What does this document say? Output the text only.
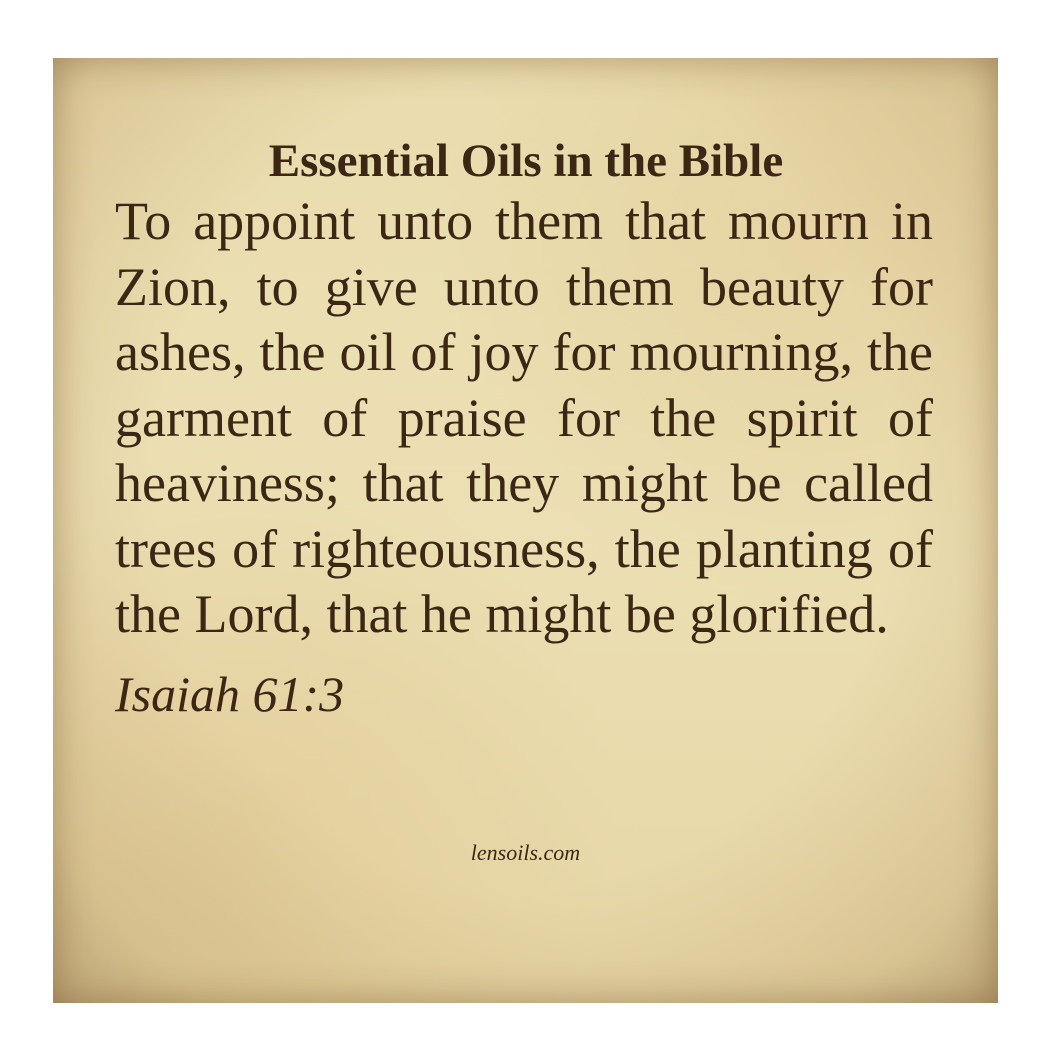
Essential Oils in the Bible

To appoint unto them that mourn in Zion, to give unto them beauty for ashes, the oil of joy for mourning, the garment of praise for the spirit of heaviness; that they might be called trees of righteousness, the planting of the Lord, that he might be glorified.

Isaiah 61:3

lensoils.com
